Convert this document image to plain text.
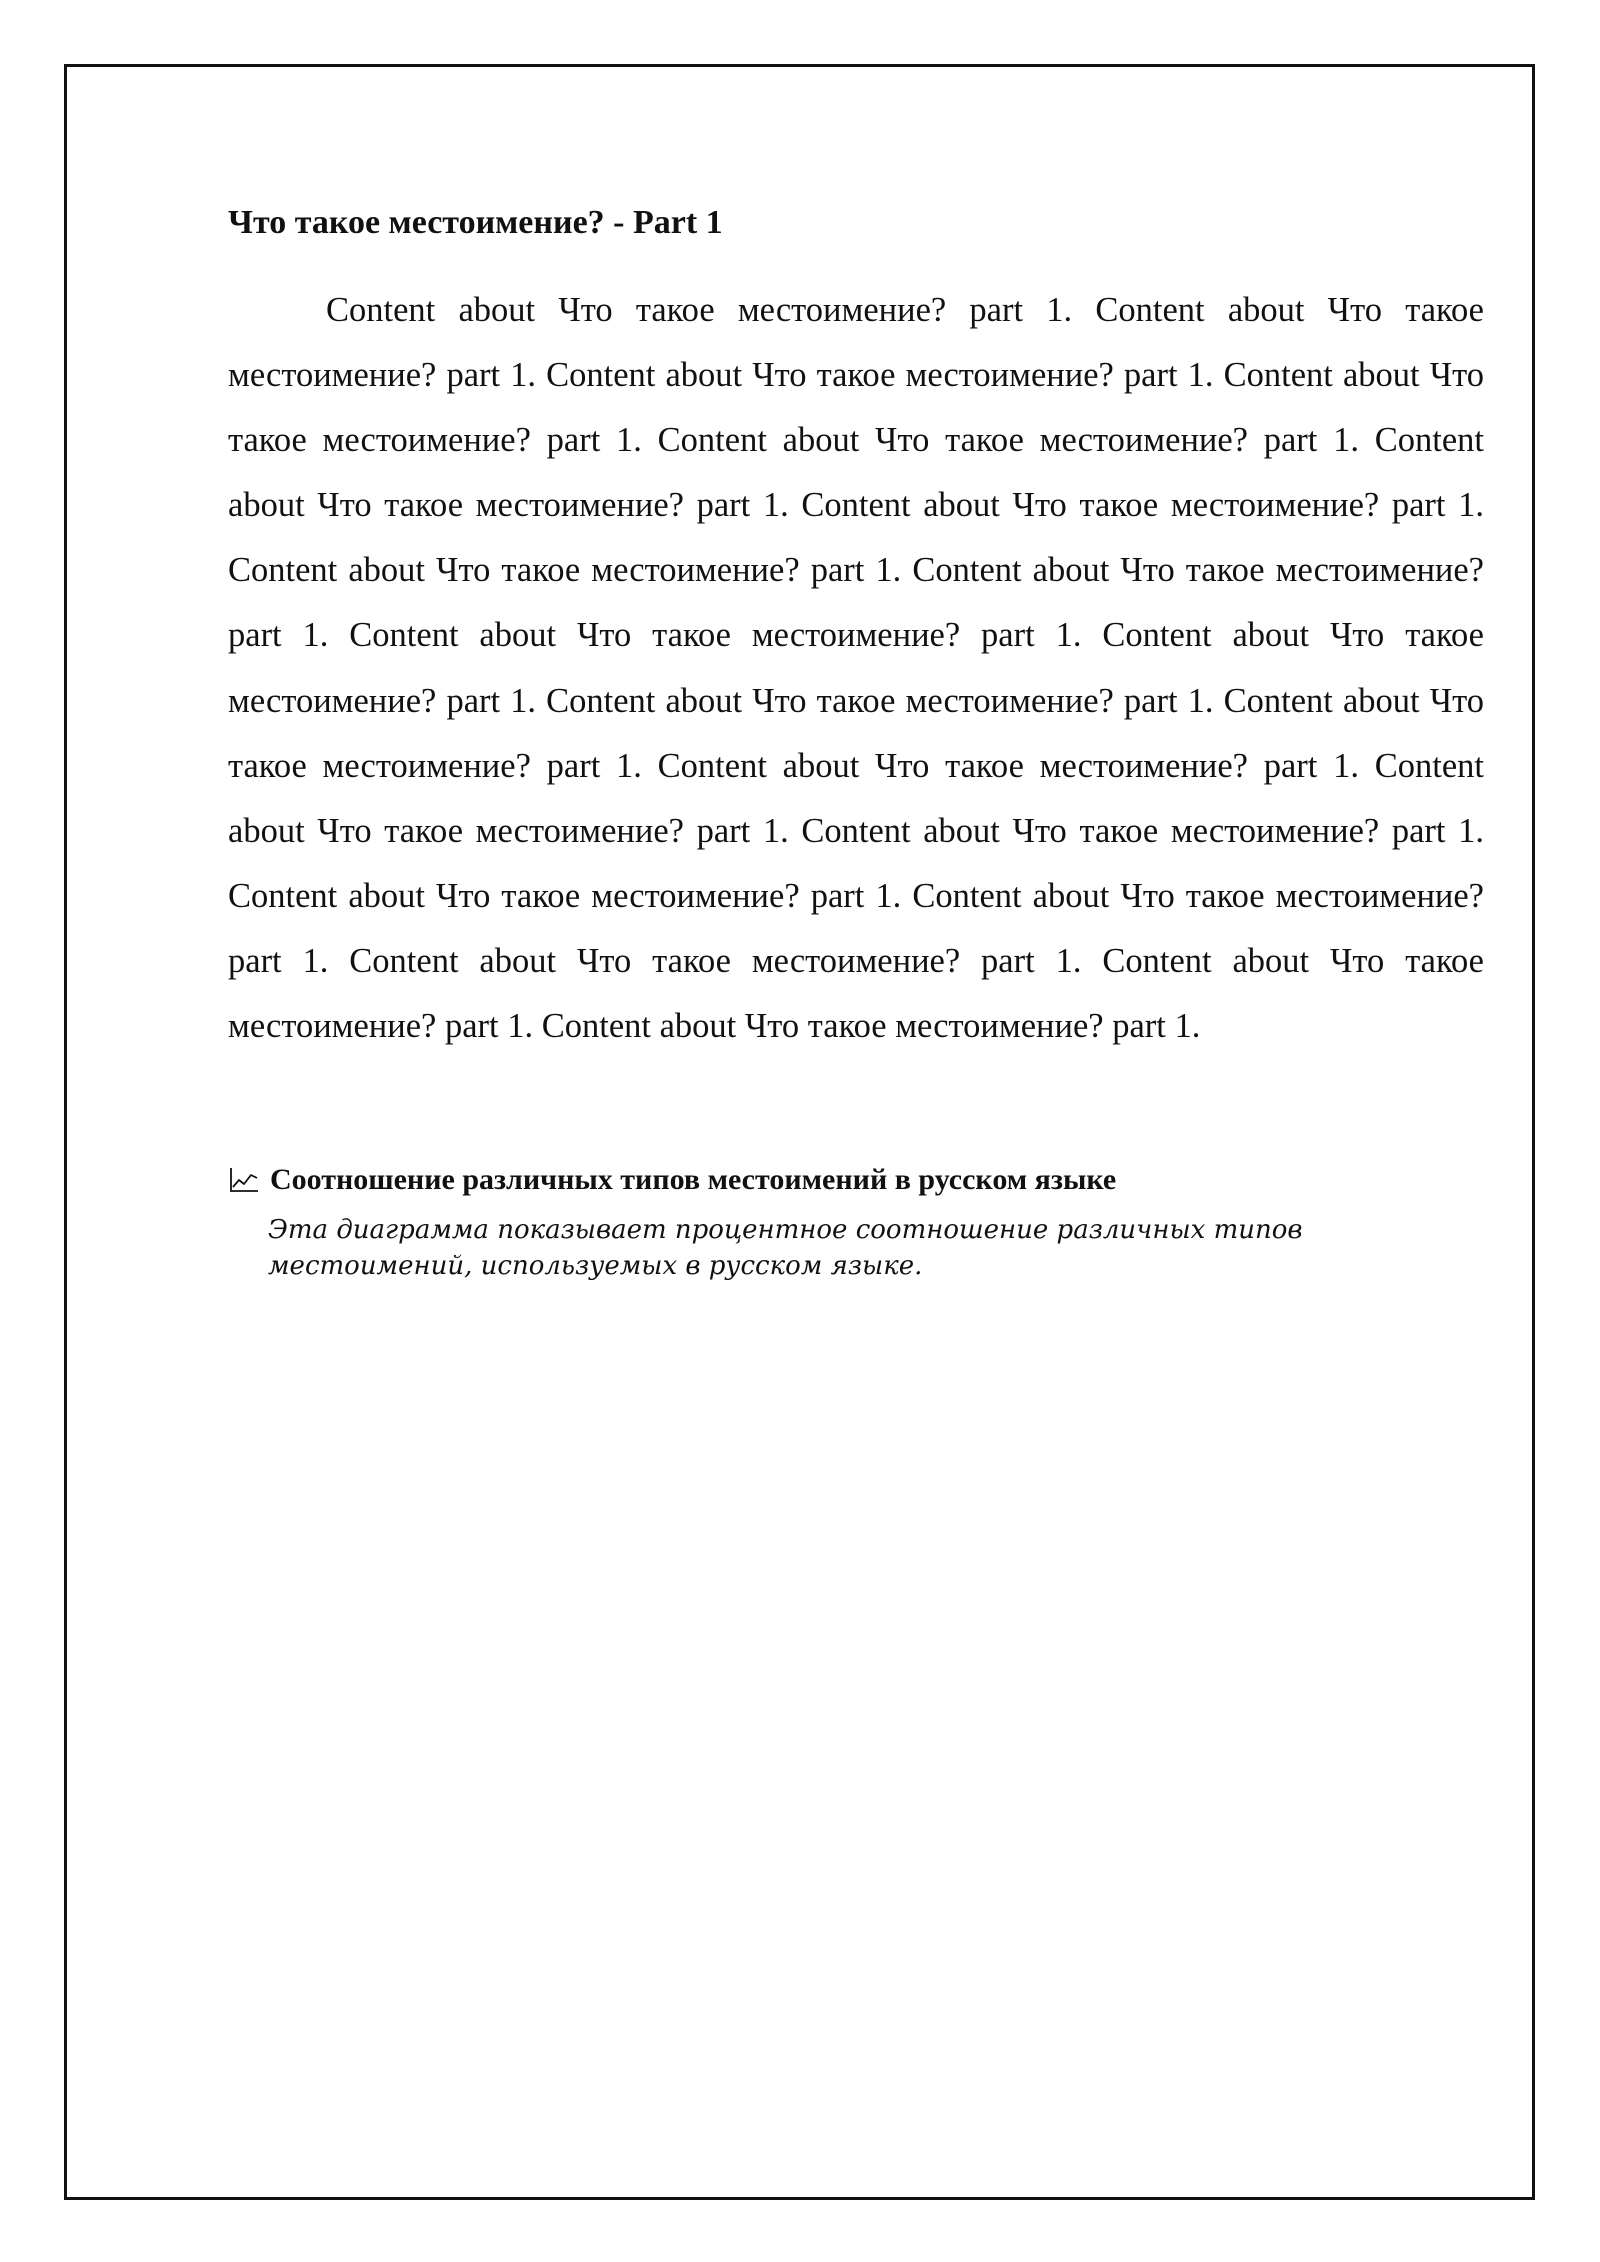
Что такое местоимение? - Part 1

Content about Что такое местоимение? part 1. Content about Что такое местоимение? part 1. Content about Что такое местоимение? part 1. Content about Что такое местоимение? part 1. Content about Что такое местоимение? part 1. Content about Что такое местоимение? part 1. Content about Что такое местоимение? part 1. Content about Что такое местоимение? part 1. Content about Что такое местоимение? part 1. Content about Что такое местоимение? part 1. Content about Что такое местоимение? part 1. Content about Что такое местоимение? part 1. Content about Что такое местоимение? part 1. Content about Что такое местоимение? part 1. Content about Что такое местоимение? part 1. Content about Что такое местоимение? part 1. Content about Что такое местоимение? part 1. Content about Что такое местоимение? part 1. Content about Что такое местоимение? part 1. Content about Что такое местоимение? part 1. Content about Что такое местоимение? part 1.

Соотношение различных типов местоимений в русском языке

Эта диаграмма показывает процентное соотношение различных типов местоимений, используемых в русском языке.
